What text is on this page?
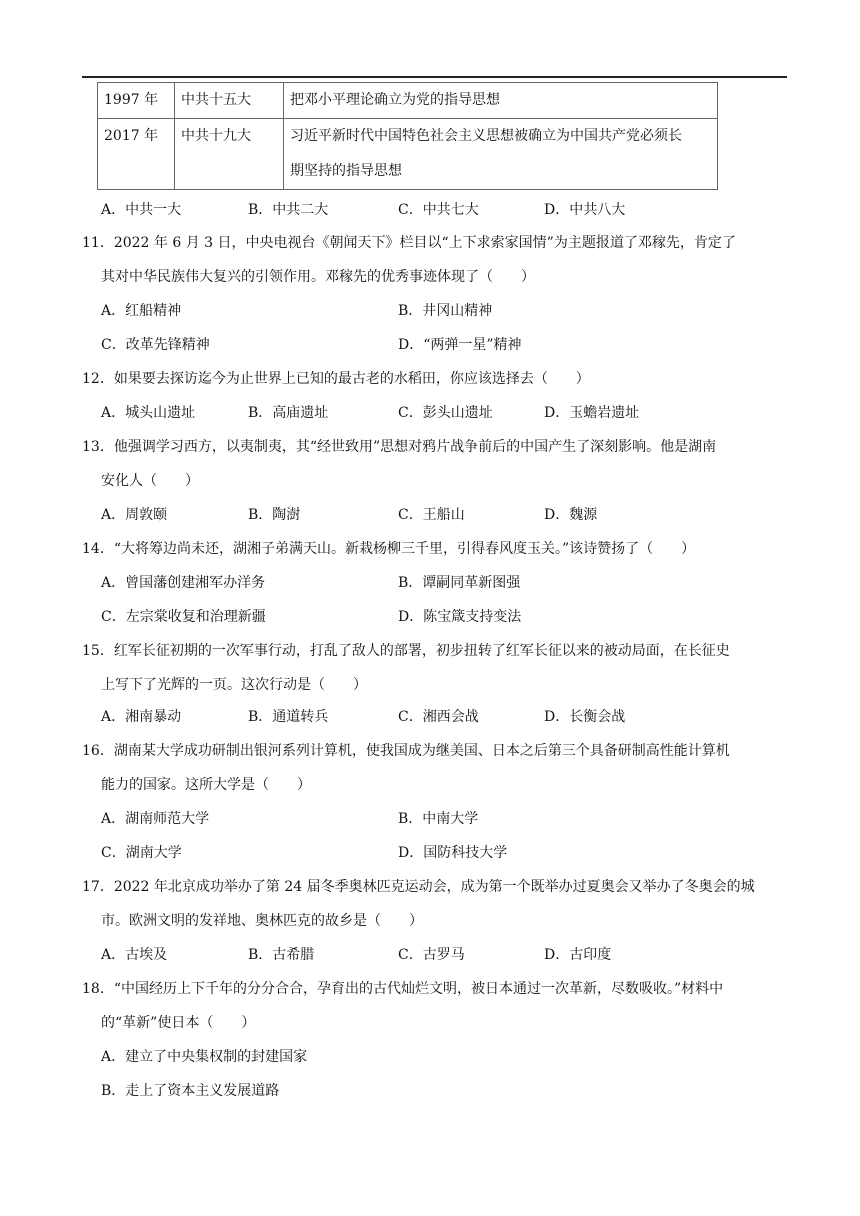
1997 年	中共十五大	把邓小平理论确立为党的指导思想
2017 年	中共十九大	习近平新时代中国特色社会主义思想被确立为中国共产党必须长
期坚持的指导思想
A．中共一大	B．中共二大	C．中共七大	D．中共八大
11．2022 年 6 月 3 日，中央电视台《朝闻天下》栏目以“上下求索家国情”为主题报道了邓稼先，肯定了
其对中华民族伟大复兴的引领作用。邓稼先的优秀事迹体现了（　　）
A．红船精神	B．井冈山精神
C．改革先锋精神	D．“两弹一星”精神
12．如果要去探访迄今为止世界上已知的最古老的水稻田，你应该选择去（　　）
A．城头山遗址	B．高庙遗址	C．彭头山遗址	D．玉蟾岩遗址
13．他强调学习西方，以夷制夷，其“经世致用”思想对鸦片战争前后的中国产生了深刻影响。他是湖南
安化人（　　）
A．周敦颐	B．陶澍	C．王船山	D．魏源
14．“大将筹边尚未还，湖湘子弟满天山。新栽杨柳三千里，引得春风度玉关。”该诗赞扬了（　　）
A．曾国藩创建湘军办洋务	B．谭嗣同革新图强
C．左宗棠收复和治理新疆	D．陈宝箴支持变法
15．红军长征初期的一次军事行动，打乱了敌人的部署，初步扭转了红军长征以来的被动局面，在长征史
上写下了光辉的一页。这次行动是（　　）
A．湘南暴动	B．通道转兵	C．湘西会战	D．长衡会战
16．湖南某大学成功研制出银河系列计算机，使我国成为继美国、日本之后第三个具备研制高性能计算机
能力的国家。这所大学是（　　）
A．湖南师范大学	B．中南大学
C．湖南大学	D．国防科技大学
17．2022 年北京成功举办了第 24 届冬季奥林匹克运动会，成为第一个既举办过夏奥会又举办了冬奥会的城
市。欧洲文明的发祥地、奥林匹克的故乡是（　　）
A．古埃及	B．古希腊	C．古罗马	D．古印度
18．“中国经历上下千年的分分合合，孕育出的古代灿烂文明，被日本通过一次革新，尽数吸收。”材料中
的“革新”使日本（　　）
A．建立了中央集权制的封建国家
B．走上了资本主义发展道路
